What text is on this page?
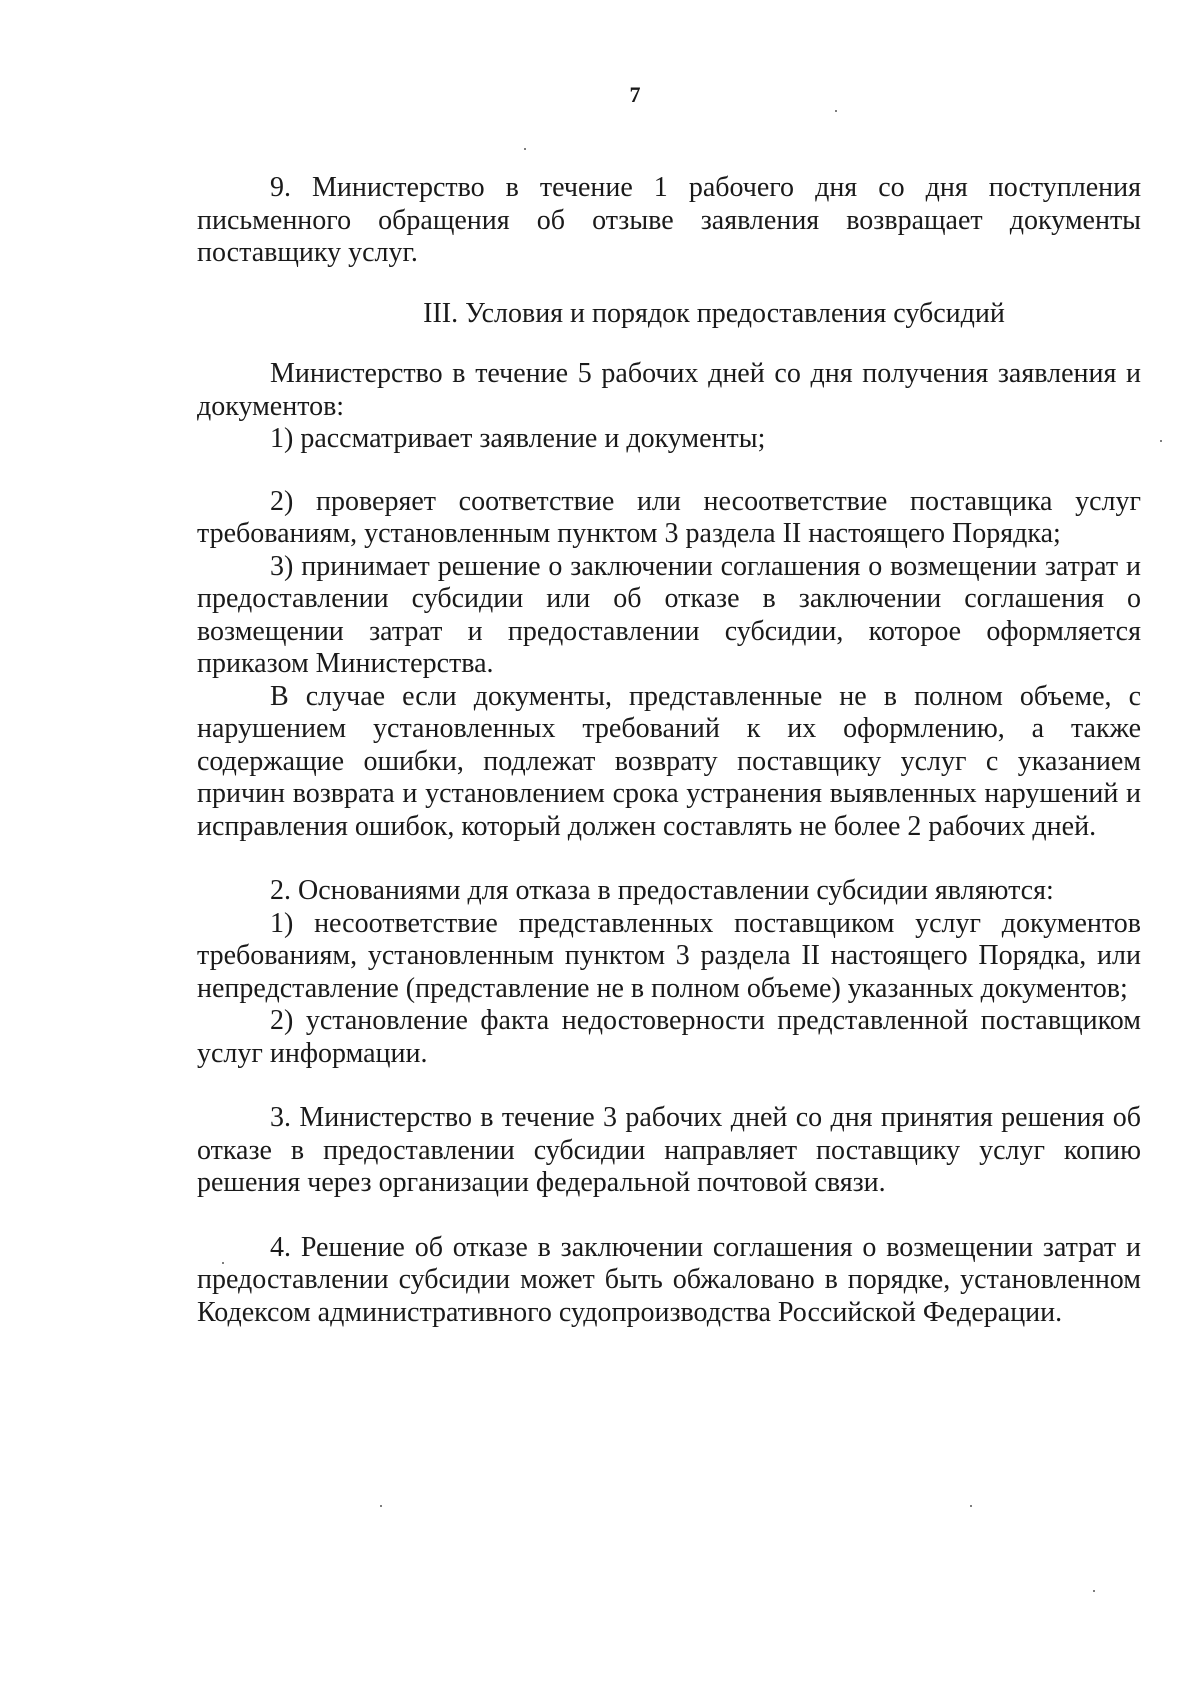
7

9. Министерство в течение 1 рабочего дня со дня поступления письменного обращения об отзыве заявления возвращает документы поставщику услуг.

III. Условия и порядок предоставления субсидий

Министерство в течение 5 рабочих дней со дня получения заявления и документов:

1) рассматривает заявление и документы;

2) проверяет соответствие или несоответствие поставщика услуг требованиям, установленным пунктом 3 раздела II настоящего Порядка;

3) принимает решение о заключении соглашения о возмещении затрат и предоставлении субсидии или об отказе в заключении соглашения о возмещении затрат и предоставлении субсидии, которое оформляется приказом Министерства.

В случае если документы, представленные не в полном объеме, с нарушением установленных требований к их оформлению, а также содержащие ошибки, подлежат возврату поставщику услуг с указанием причин возврата и установлением срока устранения выявленных нарушений и исправления ошибок, который должен составлять не более 2 рабочих дней.

2. Основаниями для отказа в предоставлении субсидии являются:

1) несоответствие представленных поставщиком услуг документов требованиям, установленным пунктом 3 раздела II настоящего Порядка, или непредставление (представление не в полном объеме) указанных документов;

2) установление факта недостоверности представленной поставщиком услуг информации.

3. Министерство в течение 3 рабочих дней со дня принятия решения об отказе в предоставлении субсидии направляет поставщику услуг копию решения через организации федеральной почтовой связи.

4. Решение об отказе в заключении соглашения о возмещении затрат и предоставлении субсидии может быть обжаловано в порядке, установленном Кодексом административного судопроизводства Российской Федерации.
